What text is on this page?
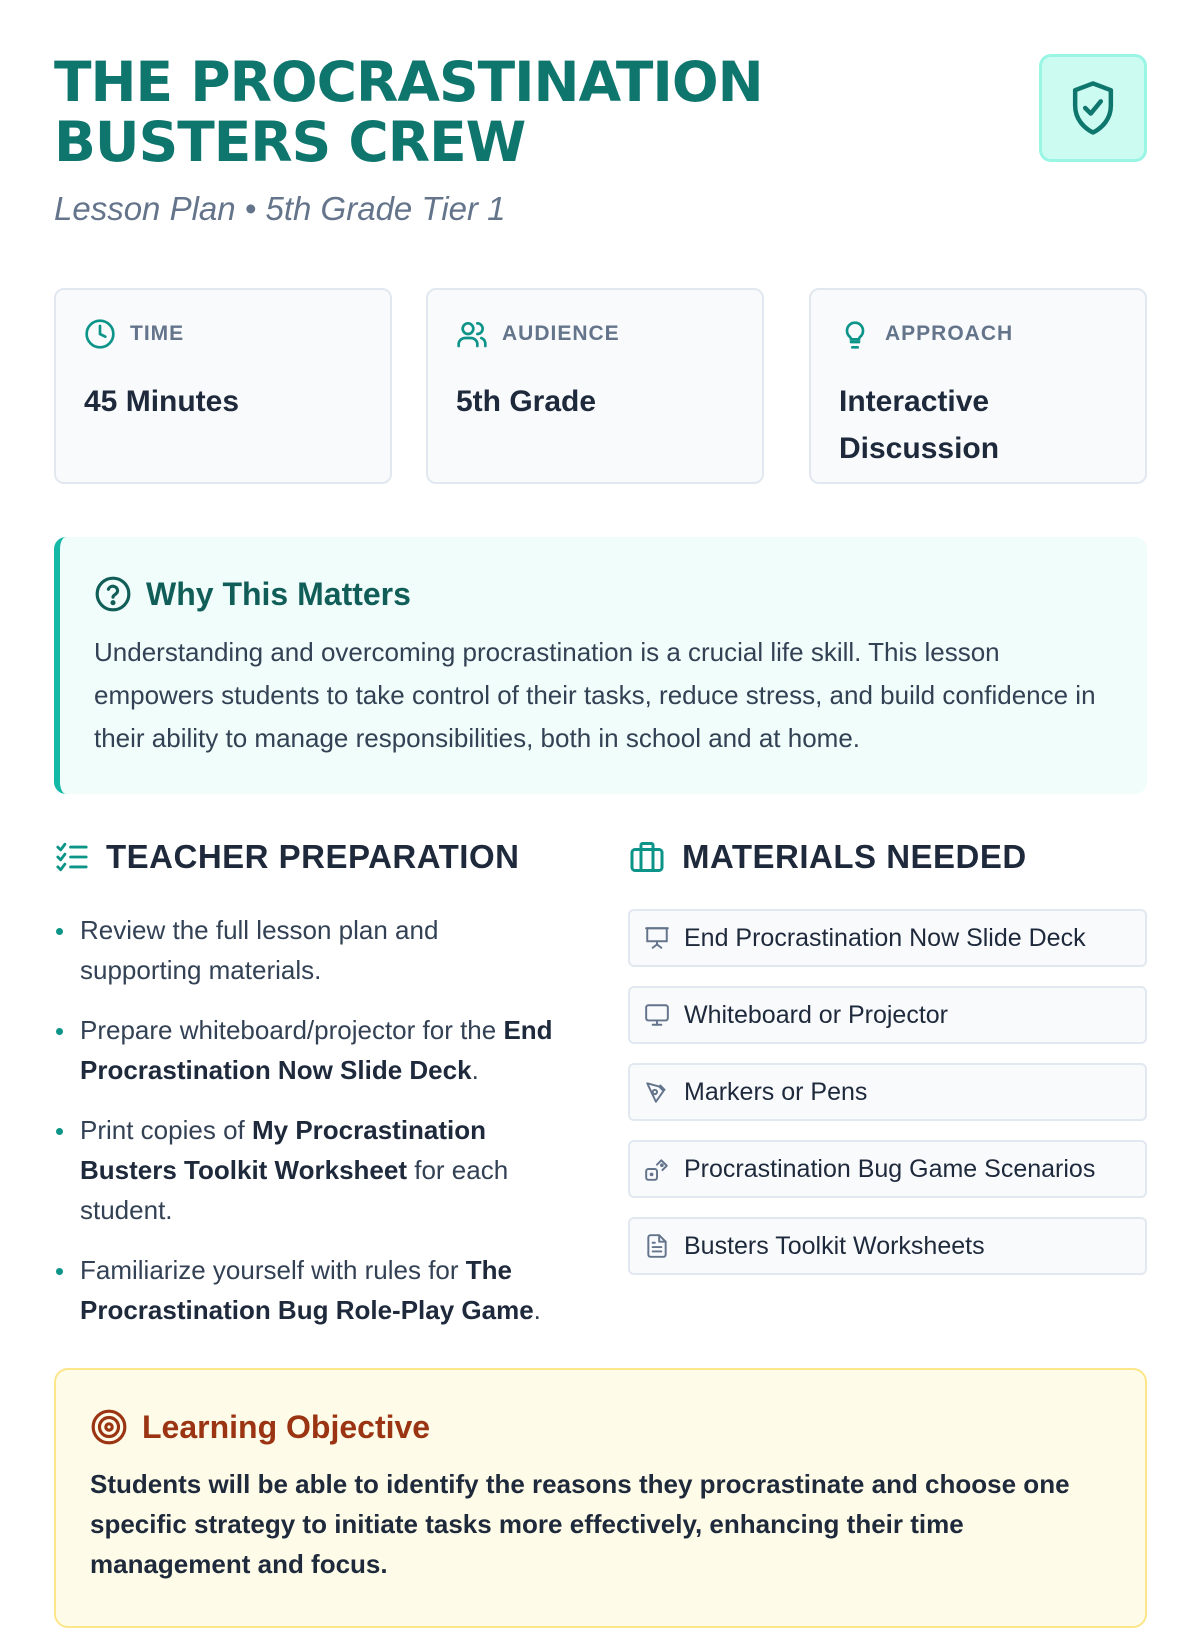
THE PROCRASTINATION
BUSTERS CREW
Lesson Plan • 5th Grade Tier 1
TIME
45 Minutes
AUDIENCE
5th Grade
APPROACH
Interactive Discussion
Why This Matters
Understanding and overcoming procrastination is a crucial life skill. This lesson empowers students to take control of their tasks, reduce stress, and build confidence in their ability to manage responsibilities, both in school and at home.
TEACHER PREPARATION
Review the full lesson plan and supporting materials.
Prepare whiteboard/projector for the End Procrastination Now Slide Deck.
Print copies of My Procrastination Busters Toolkit Worksheet for each student.
Familiarize yourself with rules for The Procrastination Bug Role-Play Game.
MATERIALS NEEDED
End Procrastination Now Slide Deck
Whiteboard or Projector
Markers or Pens
Procrastination Bug Game Scenarios
Busters Toolkit Worksheets
Learning Objective
Students will be able to identify the reasons they procrastinate and choose one specific strategy to initiate tasks more effectively, enhancing their time management and focus.
